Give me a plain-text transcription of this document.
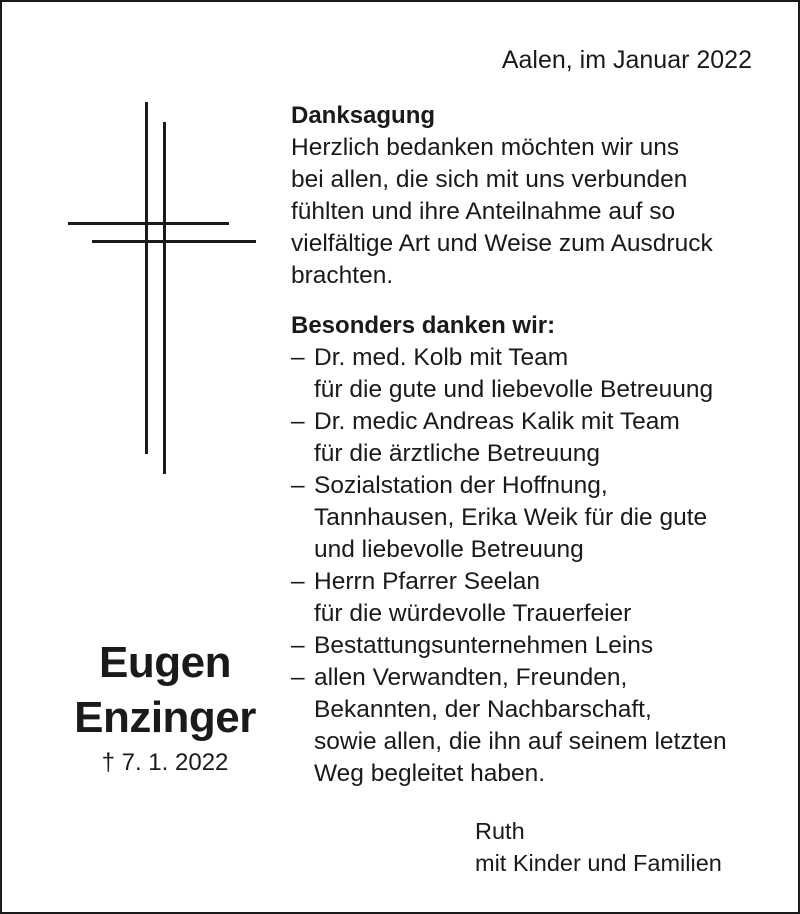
Aalen, im Januar 2022
Danksagung
Herzlich bedanken möchten wir uns
bei allen, die sich mit uns verbunden
fühlten und ihre Anteilnahme auf so
vielfältige Art und Weise zum Ausdruck
brachten.
Besonders danken wir:
– Dr. med. Kolb mit Team
für die gute und liebevolle Betreuung
– Dr. medic Andreas Kalik mit Team
für die ärztliche Betreuung
– Sozialstation der Hoffnung,
Tannhausen, Erika Weik für die gute
und liebevolle Betreuung
– Herrn Pfarrer Seelan
für die würdevolle Trauerfeier
– Bestattungsunternehmen Leins
– allen Verwandten, Freunden,
Bekannten, der Nachbarschaft,
sowie allen, die ihn auf seinem letzten
Weg begleitet haben.
Ruth
mit Kinder und Familien
Eugen
Enzinger
† 7. 1. 2022
